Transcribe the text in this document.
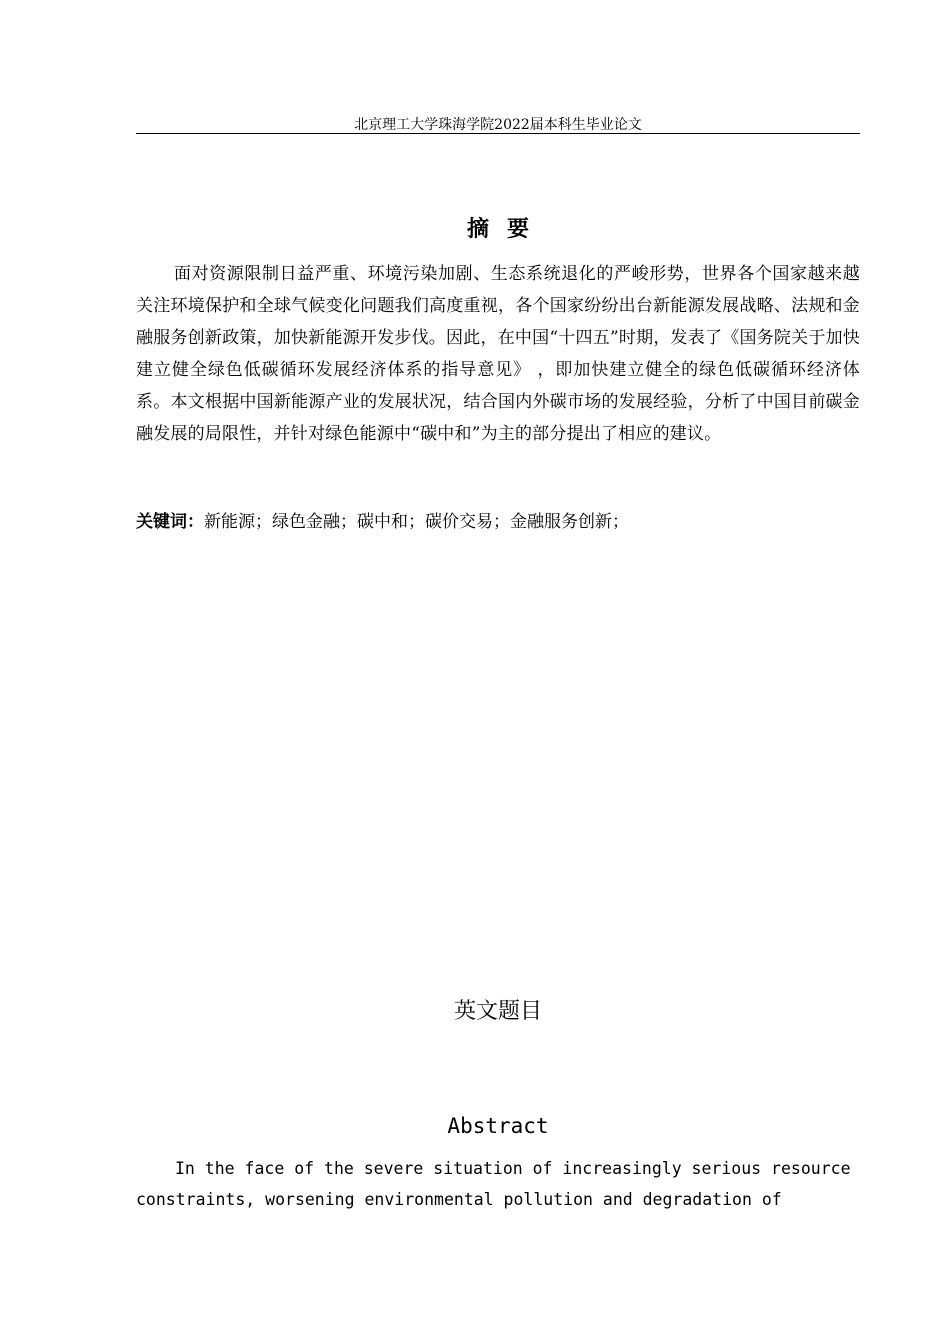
北京理工大学珠海学院2022届本科生毕业论文
摘要

面对资源限制日益严重、环境污染加剧、生态系统退化的严峻形势，世界各个国家越来越关注环境保护和全球气候变化问题我们高度重视，各个国家纷纷出台新能源发展战略、法规和金融服务创新政策，加快新能源开发步伐。因此，在中国“十四五”时期，发表了《国务院关于加快建立健全绿色低碳循环发展经济体系的指导意见》 ，即加快建立健全的绿色低碳循环经济体系。本文根据中国新能源产业的发展状况，结合国内外碳市场的发展经验，分析了中国目前碳金融发展的局限性，并针对绿色能源中“碳中和”为主的部分提出了相应的建议。

关键词：新能源；绿色金融；碳中和；碳价交易；金融服务创新；

英文题目
Abstract

In the face of the severe situation of increasingly serious resource constraints, worsening environmental pollution and degradation of
